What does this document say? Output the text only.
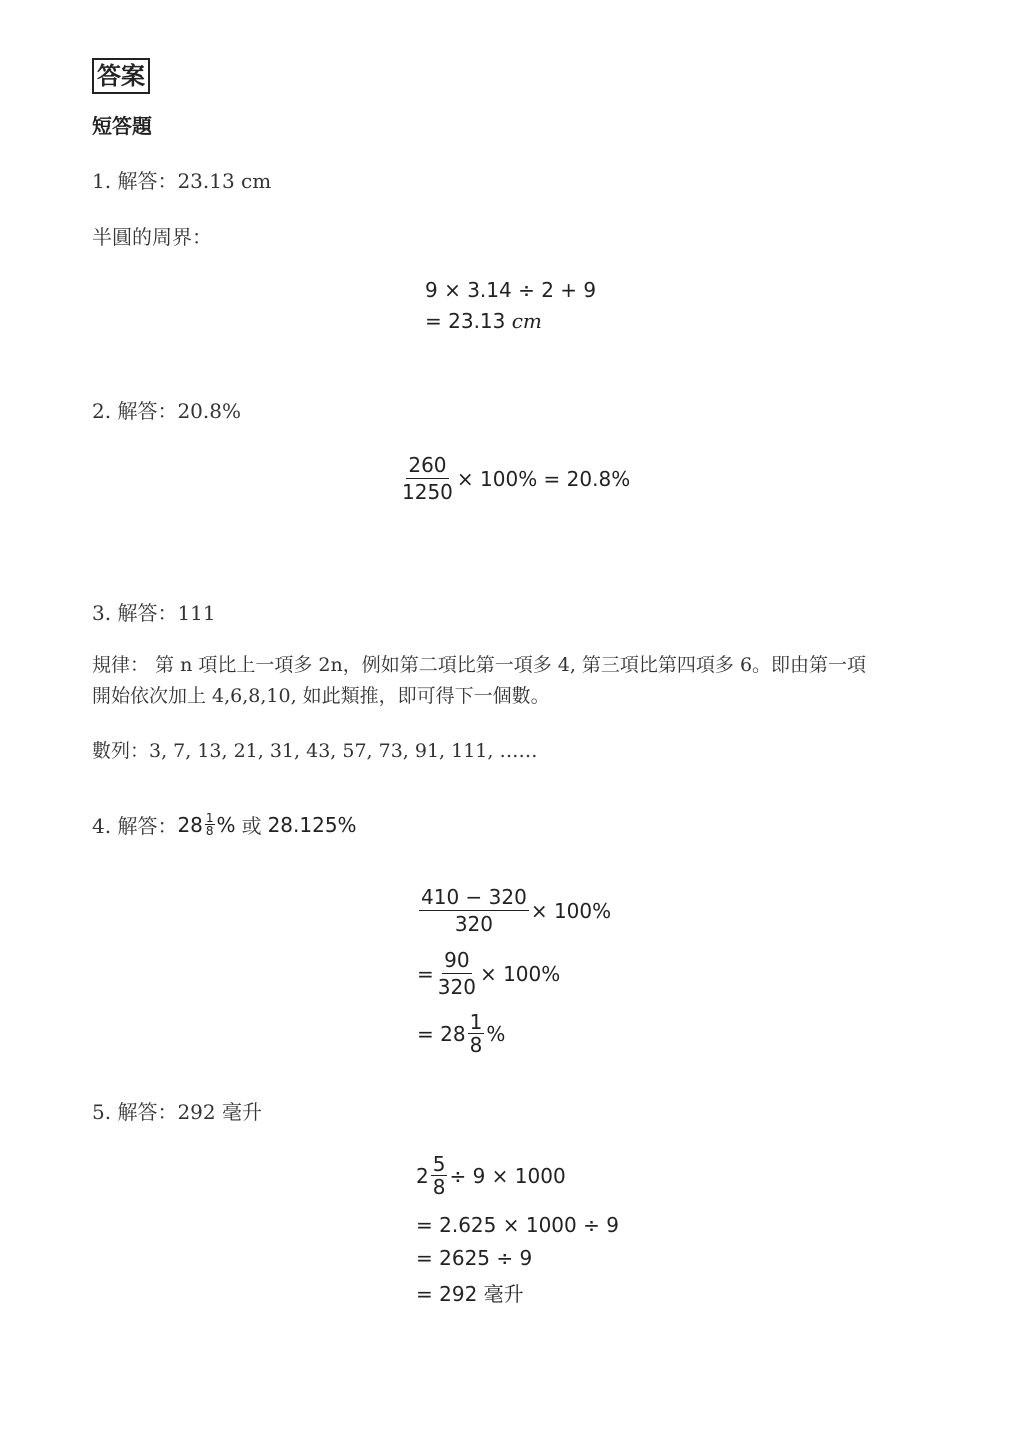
答案
短答題
1. 解答：23.13 cm
半圓的周界：
9 × 3.14 ÷ 2 + 9
= 23.13 cm
2. 解答：20.8%
$\frac{260}{1250} \times 100\% = 20.8\%$
3. 解答：111
規律： 第 n 項比上一項多 2n，例如第二項比第一項多 4, 第三項比第四項多 6。即由第一項
開始依次加上 4,6,8,10, 如此類推，即可得下一個數。
數列：3, 7, 13, 21, 31, 43, 57, 73, 91, 111, ……
4. 解答： $28 \frac{1}{8}$ % 或 28.125%
$\frac{410 - 320}{320} \times 100\%$
= $\frac{90}{320} \times 100\%$
= $28 \frac{1}{8}$ %
5. 解答：292 毫升
$2 \frac{5}{8} \div 9 \times 1000$
= 2.625 × 1000 ÷ 9
= 2625 ÷ 9
= 292 毫升
